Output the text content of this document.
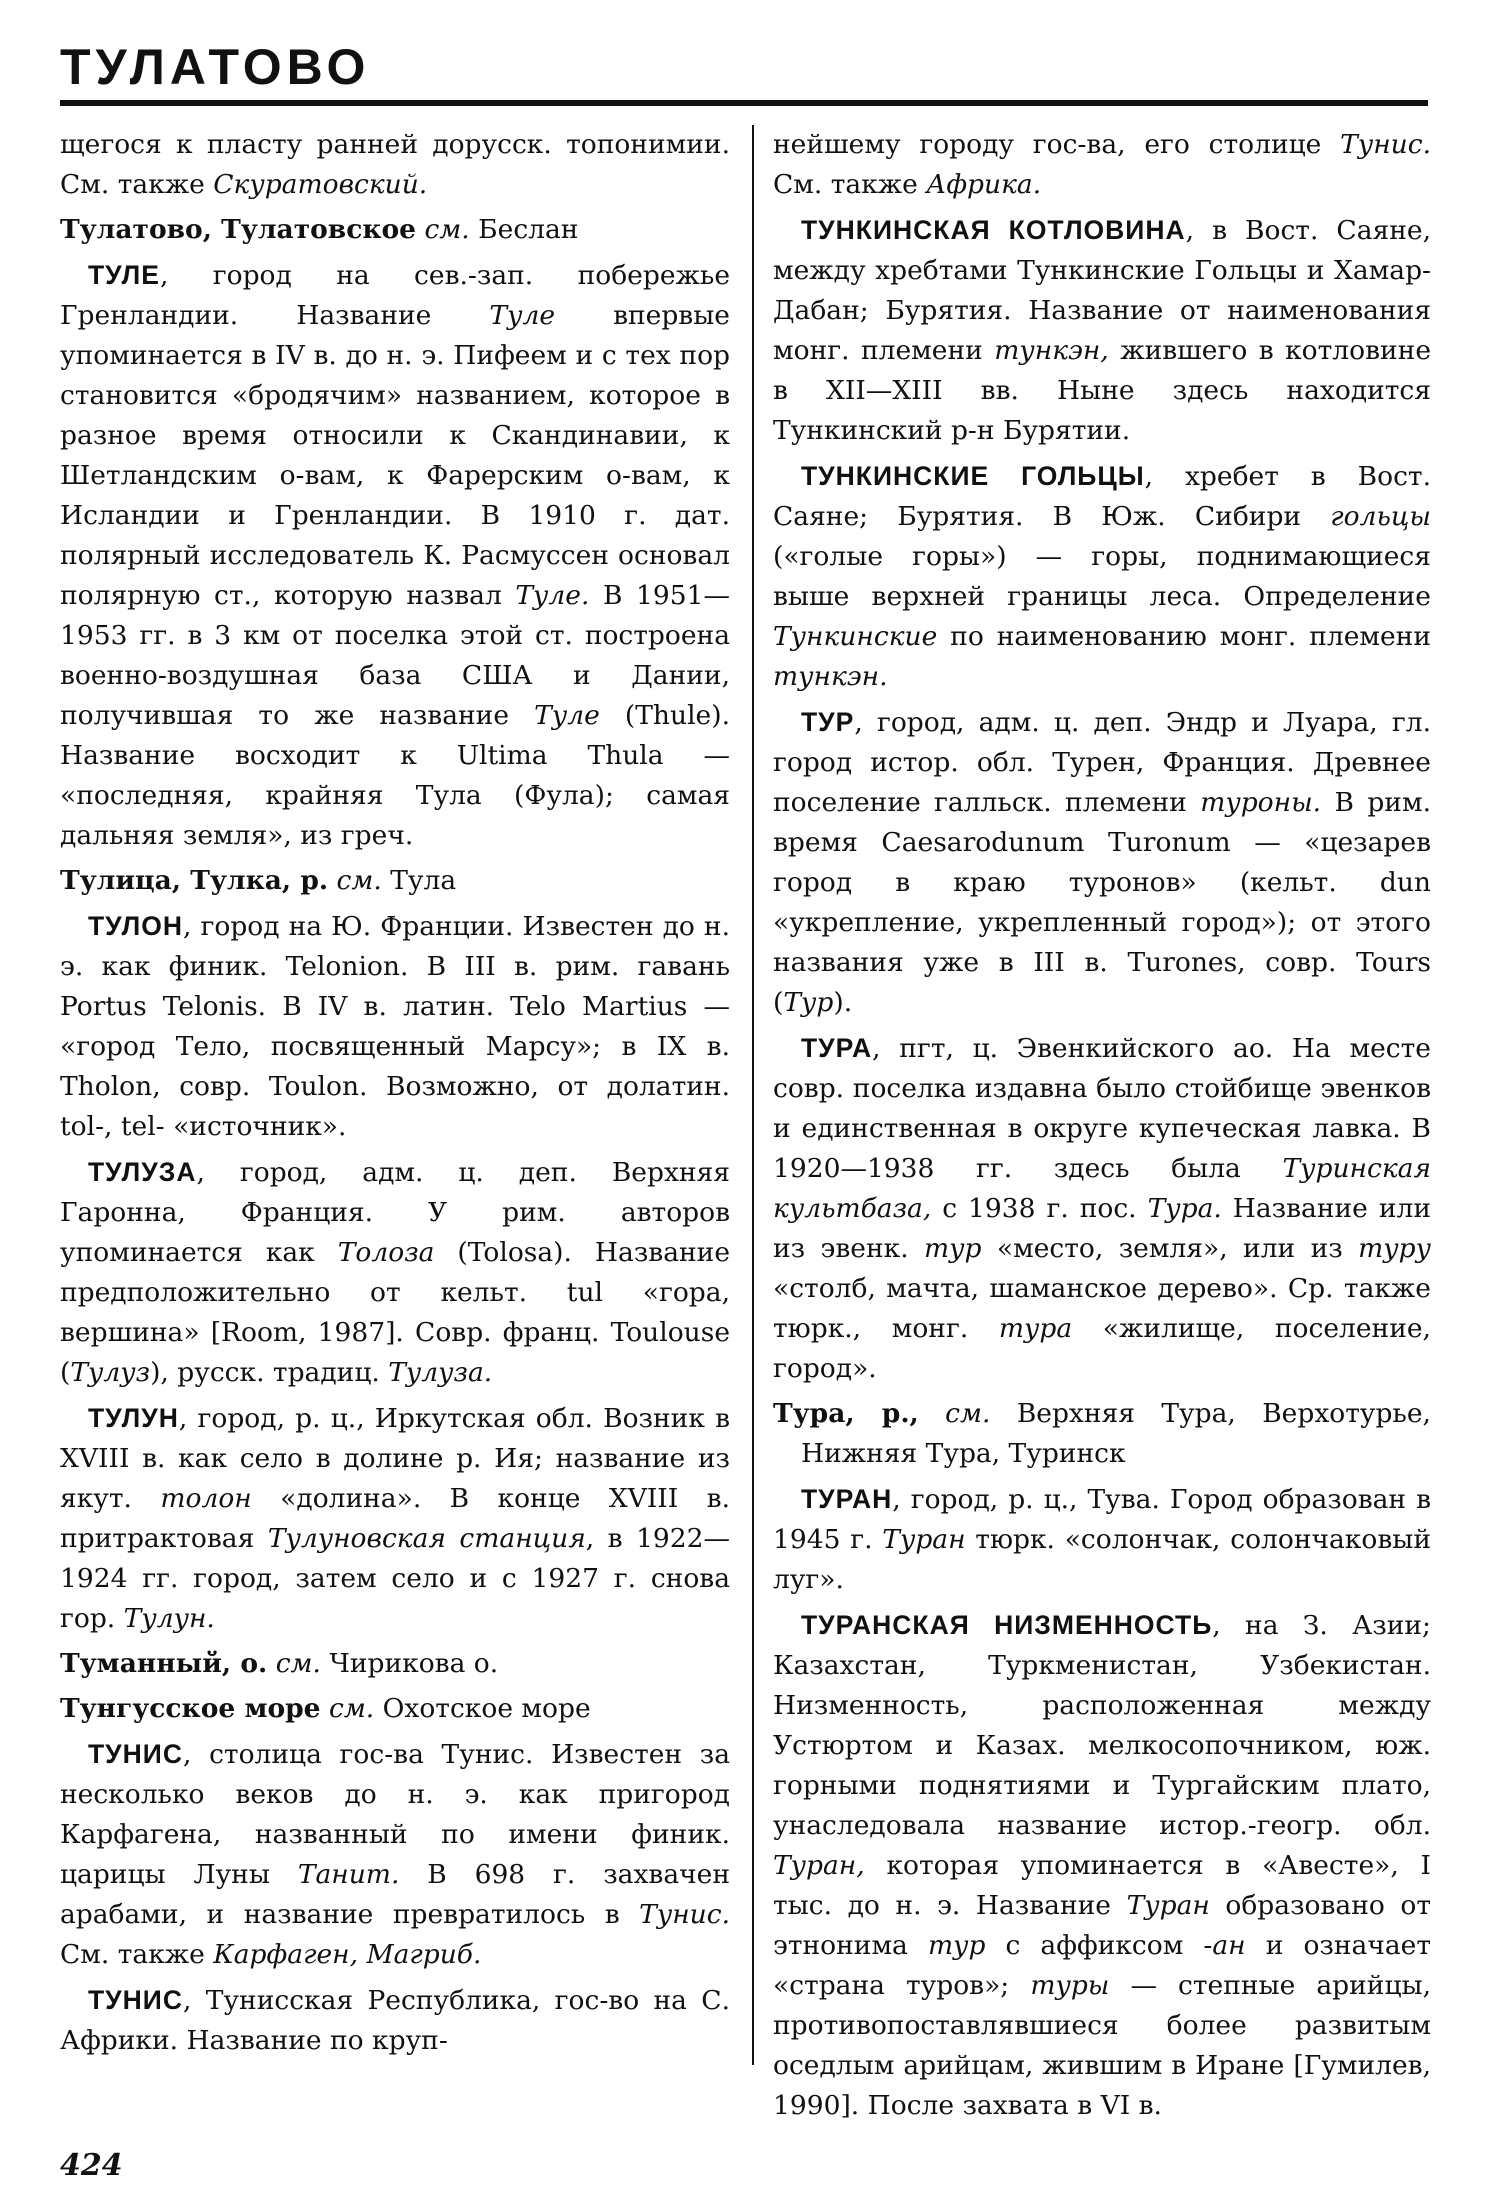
ТУЛАТОВО

щегося к пласту ранней дорусск. топонимии. См. также Скуратовский.

Тулатово, Тулатовское см. Беслан

ТУЛЕ, город на сев.-зап. побережье Гренландии. Название Туле впервые упоминается в IV в. до н. э. Пифеем и с тех пор становится «бродячим» названием, которое в разное время относили к Скандинавии, к Шетландским о-вам, к Фарерским о-вам, к Исландии и Гренландии. В 1910 г. дат. полярный исследователь К. Расмуссен основал полярную ст., которую назвал Туле. В 1951—1953 гг. в 3 км от поселка этой ст. построена военно-воздушная база США и Дании, получившая то же название Туле (Thule). Название восходит к Ultima Thula — «последняя, крайняя Тула (Фула); самая дальняя земля», из греч.

Тулица, Тулка, р. см. Тула

ТУЛОН, город на Ю. Франции. Известен до н. э. как финик. Telonion. В III в. рим. гавань Portus Telonis. В IV в. латин. Telo Martius — «город Тело, посвященный Марсу»; в IX в. Tholon, совр. Toulon. Возможно, от долатин. tol-, tel- «источник».

ТУЛУЗА, город, адм. ц. деп. Верхняя Гаронна, Франция. У рим. авторов упоминается как Толоза (Tolosa). Название предположительно от кельт. tul «гора, вершина» [Room, 1987]. Совр. франц. Toulouse (Тулуз), русск. традиц. Тулуза.

ТУЛУН, город, р. ц., Иркутская обл. Возник в XVIII в. как село в долине р. Ия; название из якут. толон «долина». В конце XVIII в. притрактовая Тулуновская станция, в 1922—1924 гг. город, затем село и с 1927 г. снова гор. Тулун.

Туманный, о. см. Чирикова о.

Тунгусское море см. Охотское море

ТУНИС, столица гос-ва Тунис. Известен за несколько веков до н. э. как пригород Карфагена, названный по имени финик. царицы Луны Танит. В 698 г. захвачен арабами, и название превратилось в Тунис. См. также Карфаген, Магриб.

ТУНИС, Тунисская Республика, гос-во на С. Африки. Название по круп-

нейшему городу гос-ва, его столице Тунис. См. также Африка.

ТУНКИНСКАЯ КОТЛОВИНА, в Вост. Саяне, между хребтами Тункинские Гольцы и Хамар-Дабан; Бурятия. Название от наименования монг. племени тункэн, жившего в котловине в XII—XIII вв. Ныне здесь находится Тункинский р-н Бурятии.

ТУНКИНСКИЕ ГОЛЬЦЫ, хребет в Вост. Саяне; Бурятия. В Юж. Сибири гольцы («голые горы») — горы, поднимающиеся выше верхней границы леса. Определение Тункинские по наименованию монг. племени тункэн.

ТУР, город, адм. ц. деп. Эндр и Луара, гл. город истор. обл. Турен, Франция. Древнее поселение галльск. племени туроны. В рим. время Caesarodunum Turonum — «цезарев город в краю туронов» (кельт. dun «укрепление, укрепленный город»); от этого названия уже в III в. Turones, совр. Tours (Тур).

ТУРА, пгт, ц. Эвенкийского ао. На месте совр. поселка издавна было стойбище эвенков и единственная в округе купеческая лавка. В 1920—1938 гг. здесь была Туринская культбаза, с 1938 г. пос. Тура. Название или из эвенк. тур «место, земля», или из туру «столб, мачта, шаманское дерево». Ср. также тюрк., монг. тура «жилище, поселение, город».

Тура, р., см. Верхняя Тура, Верхотурье, Нижняя Тура, Туринск

ТУРАН, город, р. ц., Тува. Город образован в 1945 г. Туран тюрк. «солончак, солончаковый луг».

ТУРАНСКАЯ НИЗМЕННОСТЬ, на З. Азии; Казахстан, Туркменистан, Узбекистан. Низменность, расположенная между Устюртом и Казах. мелкосопочником, юж. горными поднятиями и Тургайским плато, унаследовала название истор.-геогр. обл. Туран, которая упоминается в «Авесте», I тыс. до н. э. Название Туран образовано от этнонима тур с аффиксом -ан и означает «страна туров»; туры — степные арийцы, противопоставлявшиеся более развитым оседлым арийцам, жившим в Иране [Гумилев, 1990]. После захвата в VI в.

424
